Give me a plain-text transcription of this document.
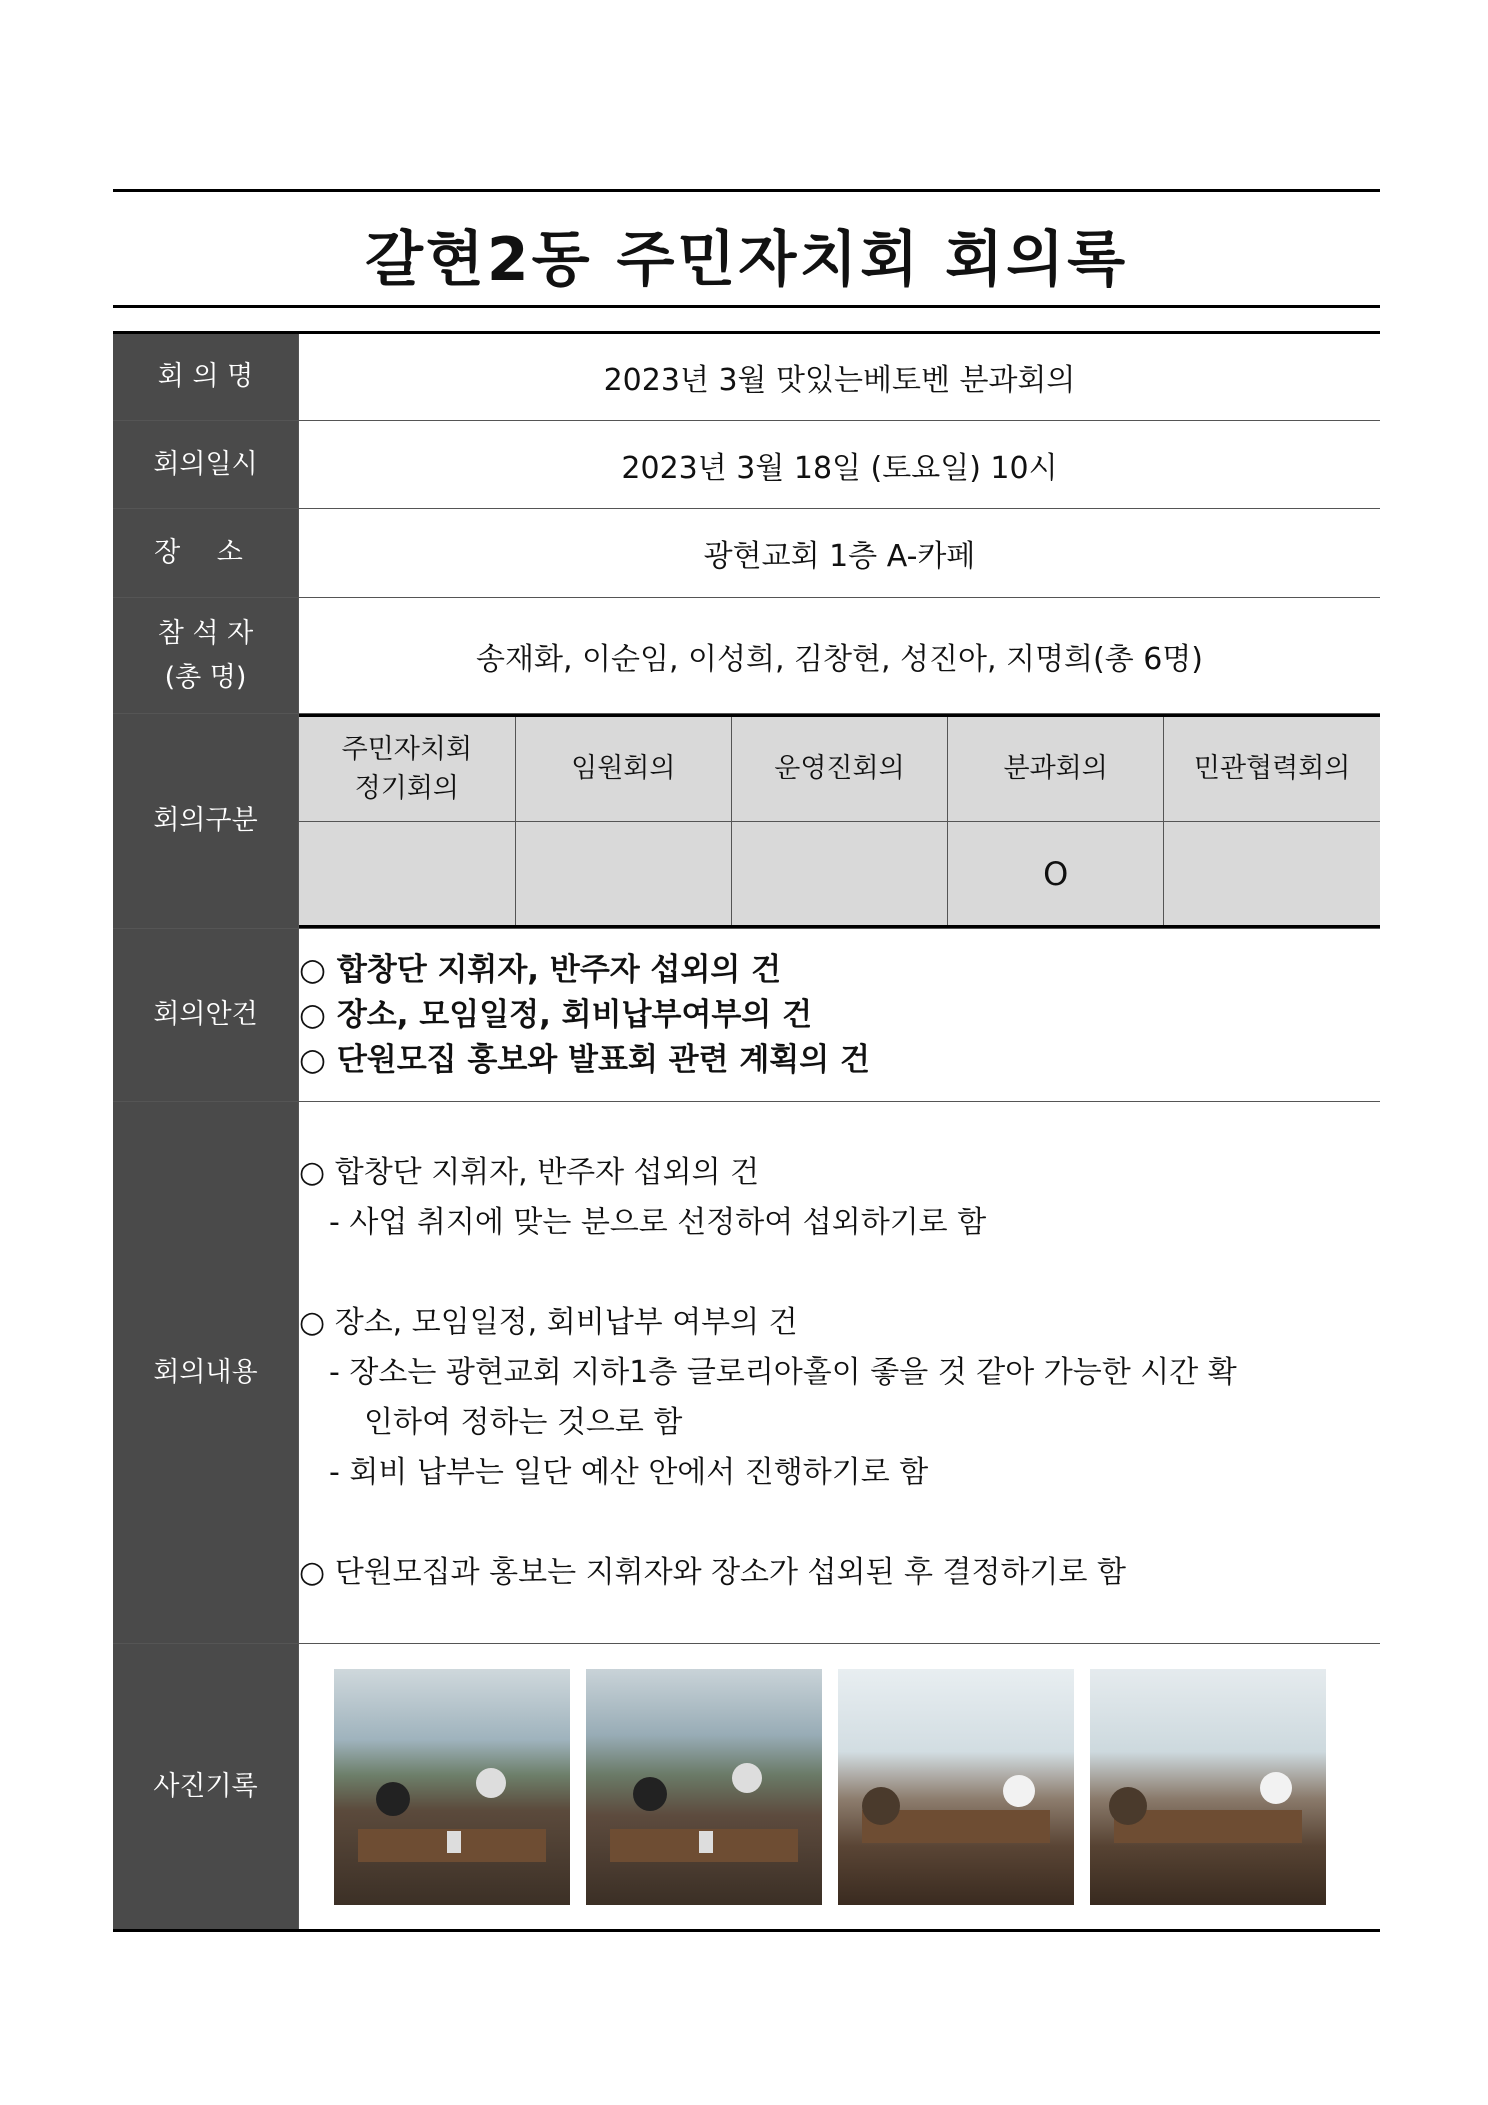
갈현2동 주민자치회 회의록
회 의 명	2023년 3월 맛있는베토벤 분과회의
회의일시	2023년 3월 18일 (토요일) 10시
장 소	광현교회 1층 A-카페

참 석 자
(총 명)
	송재화, 이순임, 이성희, 김창현, 성진아, 지명희(총 6명)
회의구분	
주민자치회
정기회의	임원회의	운영진회의	분과회의	민관협력회의
			O	

회의안건	
○ 합창단 지휘자, 반주자 섭외의 건
○ 장소, 모임일정, 회비납부여부의 건
○ 단원모집 홍보와 발표회 관련 계획의 건

회의내용	
○ 합창단 지휘자, 반주자 섭외의 건
- 사업 취지에 맞는 분으로 선정하여 섭외하기로 함
○ 장소, 모임일정, 회비납부 여부의 건
- 장소는 광현교회 지하1층 글로리아홀이 좋을 것 같아 가능한 시간 확
인하여 정하는 것으로 함
- 회비 납부는 일단 예산 안에서 진행하기로 함
○ 단원모집과 홍보는 지휘자와 장소가 섭외된 후 결정하기로 함

사진기록	
